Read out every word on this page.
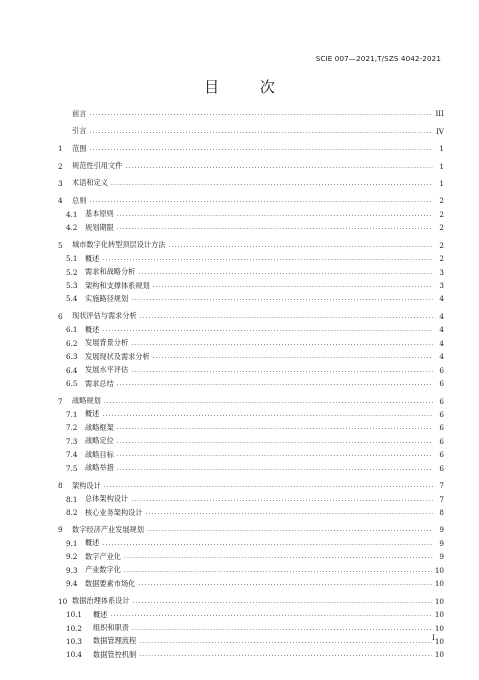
SCIE 007—2021,T/SZS 4042-2021
目 次
前言 .....	III
引言 .....	IV
1	范围 .....	1
2	规范性引用文件 .....	1
3	术语和定义 .....	1
4	总则 .....	2
4.1	基本原则 .....	2
4.2	规划期限 .....	2
5	城市数字化转型顶层设计方法 .....	2
5.1	概述 .....	2
5.2	需求和战略分析 .....	3
5.3	架构和支撑体系规划 .....	3
5.4	实施路径规划 .....	4
6	现状评估与需求分析 .....	4
6.1	概述 .....	4
6.2	发展背景分析 .....	4
6.3	发展现状及需求分析 .....	4
6.4	发展水平评估 .....	6
6.5	需求总结 .....	6
7	战略规划 .....	6
7.1	概述 .....	6
7.2	战略框架 .....	6
7.3	战略定位 .....	6
7.4	战略目标 .....	6
7.5	战略举措 .....	6
8	架构设计 .....	7
8.1	总体架构设计 .....	7
8.2	核心业务架构设计 .....	8
9	数字经济产业发展规划 .....	9
9.1	概述 .....	9
9.2	数字产业化 .....	9
9.3	产业数字化 .....	10
9.4	数据要素市场化 .....	10
10 数据治理体系设计 .....	10
10.1	概述 .....	10
10.2	组织和职责 .....	10
10.3	数据管理流程 .....	10
10.4	数据管控机制 .....	10
I
